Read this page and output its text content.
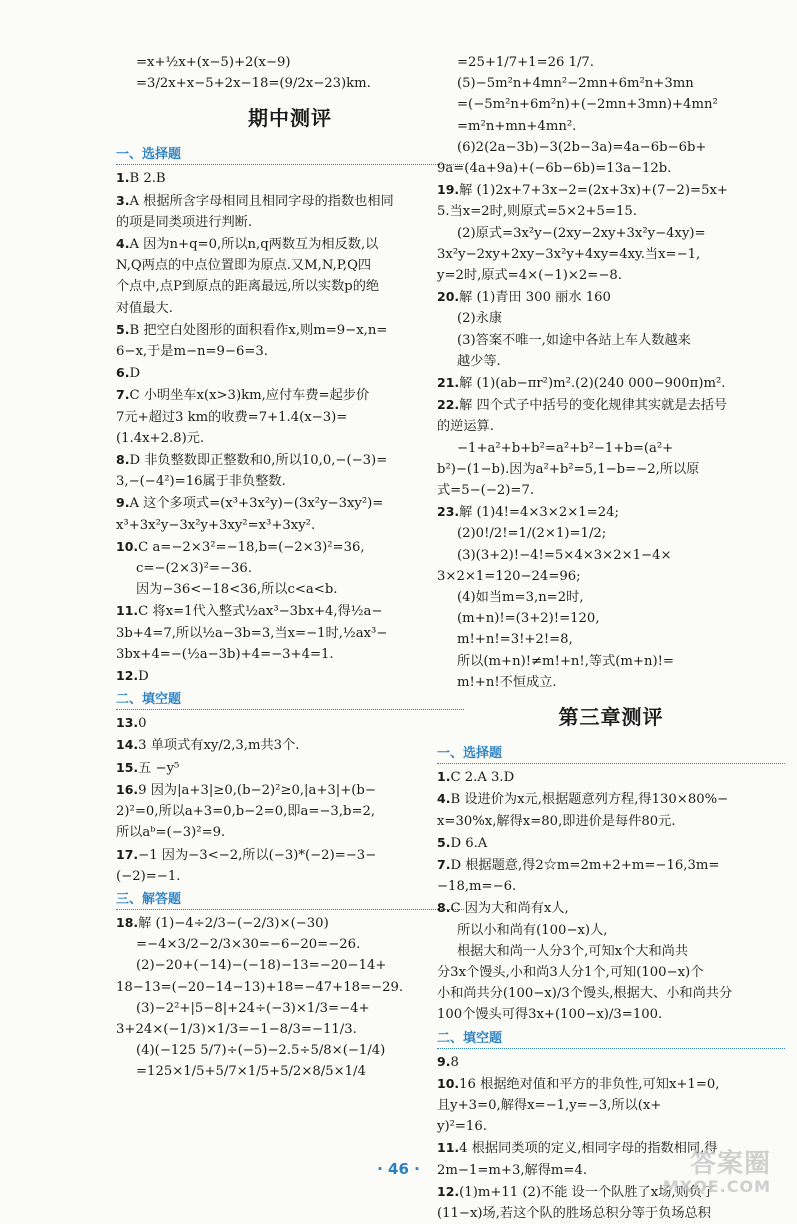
=x+½x+(x−5)+2(x−9)
=3/2x+x−5+2x−18=(9/2x−23)km.
期中测评
一、选择题
1.B 2.B
3.A 根据所含字母相同且相同字母的指数也相同
的项是同类项进行判断.
4.A 因为n+q=0,所以n,q两数互为相反数,以
N,Q两点的中点位置即为原点.又M,N,P,Q四
个点中,点P到原点的距离最远,所以实数p的绝
对值最大.
5.B 把空白处图形的面积看作x,则m=9−x,n=
6−x,于是m−n=9−6=3.
6.D
7.C 小明坐车x(x>3)km,应付车费=起步价
7元+超过3 km的收费=7+1.4(x−3)=
(1.4x+2.8)元.
8.D 非负整数即正整数和0,所以10,0,−(−3)=
3,−(−4²)=16属于非负整数.
9.A 这个多项式=(x³+3x²y)−(3x²y−3xy²)=
x³+3x²y−3x²y+3xy²=x³+3xy².
10.C a=−2×3²=−18,b=(−2×3)²=36,
c=−(2×3)²=−36.
因为−36<−18<36,所以c<a<b.
11.C 将x=1代入整式½ax³−3bx+4,得½a−
3b+4=7,所以½a−3b=3,当x=−1时,½ax³−
3bx+4=−(½a−3b)+4=−3+4=1.
12.D
二、填空题
13.0
14.3 单项式有xy/2,3,m共3个.
15.五 −y⁵
16.9 因为|a+3|≥0,(b−2)²≥0,|a+3|+(b−
2)²=0,所以a+3=0,b−2=0,即a=−3,b=2,
所以aᵇ=(−3)²=9.
17.−1 因为−3<−2,所以(−3)*(−2)=−3−
(−2)=−1.
三、解答题
18.解 (1)−4÷2/3−(−2/3)×(−30)
=−4×3/2−2/3×30=−6−20=−26.
(2)−20+(−14)−(−18)−13=−20−14+
18−13=(−20−14−13)+18=−47+18=−29.
(3)−2²+|5−8|+24÷(−3)×1/3=−4+
3+24×(−1/3)×1/3=−1−8/3=−11/3.
(4)(−125 5/7)÷(−5)−2.5÷5/8×(−1/4)
=125×1/5+5/7×1/5+5/2×8/5×1/4
=25+1/7+1=26 1/7.
(5)−5m²n+4mn²−2mn+6m²n+3mn
=(−5m²n+6m²n)+(−2mn+3mn)+4mn²
=m²n+mn+4mn².
(6)2(2a−3b)−3(2b−3a)=4a−6b−6b+
9a=(4a+9a)+(−6b−6b)=13a−12b.
19.解 (1)2x+7+3x−2=(2x+3x)+(7−2)=5x+
5.当x=2时,则原式=5×2+5=15.
(2)原式=3x²y−(2xy−2xy+3x²y−4xy)=
3x²y−2xy+2xy−3x²y+4xy=4xy.当x=−1,
y=2时,原式=4×(−1)×2=−8.
20.解 (1)青田 300 丽水 160
(2)永康
(3)答案不唯一,如途中各站上车人数越来
越少等.
21.解 (1)(ab−πr²)m².(2)(240 000−900π)m².
22.解 四个式子中括号的变化规律其实就是去括号
的逆运算.
−1+a²+b+b²=a²+b²−1+b=(a²+
b²)−(1−b).因为a²+b²=5,1−b=−2,所以原
式=5−(−2)=7.
23.解 (1)4!=4×3×2×1=24;
(2)0!/2!=1/(2×1)=1/2;
(3)(3+2)!−4!=5×4×3×2×1−4×
3×2×1=120−24=96;
(4)如当m=3,n=2时,
(m+n)!=(3+2)!=120,
m!+n!=3!+2!=8,
所以(m+n)!≠m!+n!,等式(m+n)!=
m!+n!不恒成立.
第三章测评
一、选择题
1.C 2.A 3.D
4.B 设进价为x元,根据题意列方程,得130×80%−
x=30%x,解得x=80,即进价是每件80元.
5.D 6.A
7.D 根据题意,得2☆m=2m+2+m=−16,3m=
−18,m=−6.
8.C 因为大和尚有x人,
所以小和尚有(100−x)人,
根据大和尚一人分3个,可知x个大和尚共
分3x个馒头,小和尚3人分1个,可知(100−x)个
小和尚共分(100−x)/3个馒头,根据大、小和尚共分
100个馒头可得3x+(100−x)/3=100.
二、填空题
9.8
10.16 根据绝对值和平方的非负性,可知x+1=0,
且y+3=0,解得x=−1,y=−3,所以(x+
y)²=16.
11.4 根据同类项的定义,相同字母的指数相同,得
2m−1=m+3,解得m=4.
12.(1)m+11 (2)不能 设一个队胜了x场,则负了
(11−x)场,若这个队的胜场总积分等于负场总积
· 46 ·	答案圈
MXQE.COM
